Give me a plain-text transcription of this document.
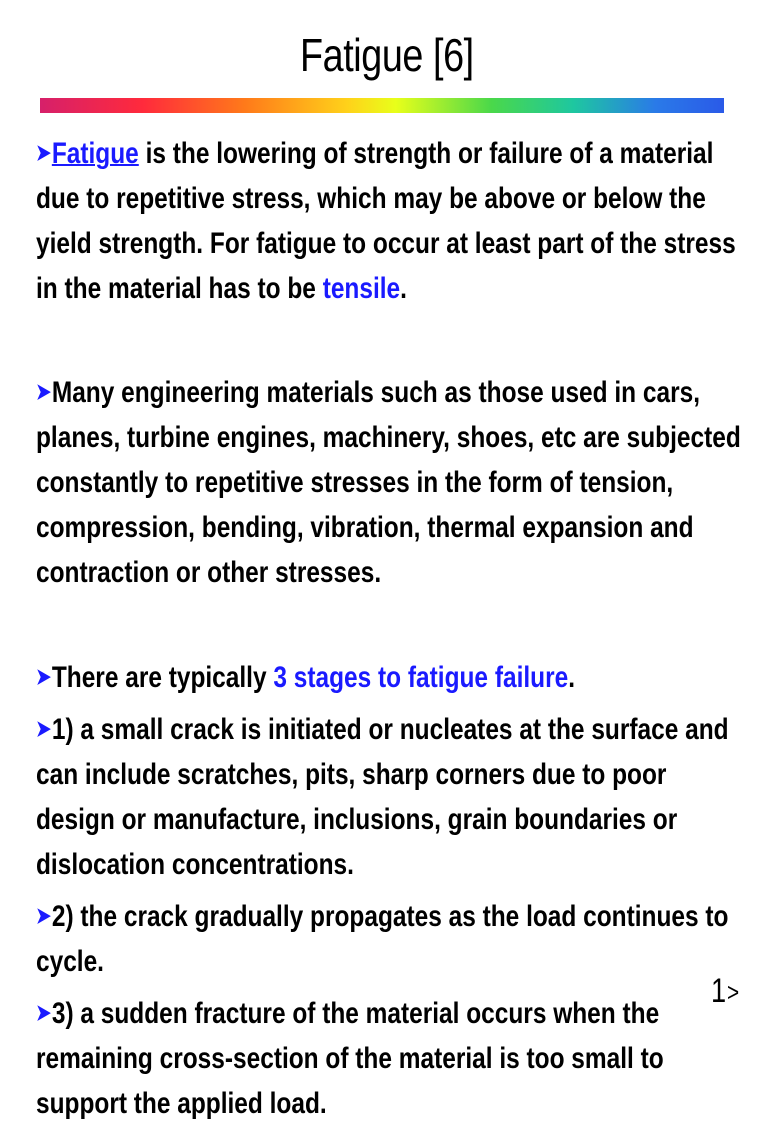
Fatigue [6]

➤Fatigue is the lowering of strength or failure of a material due to repetitive stress, which may be above or below the yield strength. For fatigue to occur at least part of the stress in the material has to be tensile.

➤Many engineering materials such as those used in cars, planes, turbine engines, machinery, shoes, etc are subjected constantly to repetitive stresses in the form of tension, compression, bending, vibration, thermal expansion and contraction or other stresses.

➤There are typically 3 stages to fatigue failure.

➤1) a small crack is initiated or nucleates at the surface and can include scratches, pits, sharp corners due to poor design or manufacture, inclusions, grain boundaries or dislocation concentrations.

➤2) the crack gradually propagates as the load continues to cycle.

➤3) a sudden fracture of the material occurs when the remaining cross-section of the material is too small to support the applied load.

1>
